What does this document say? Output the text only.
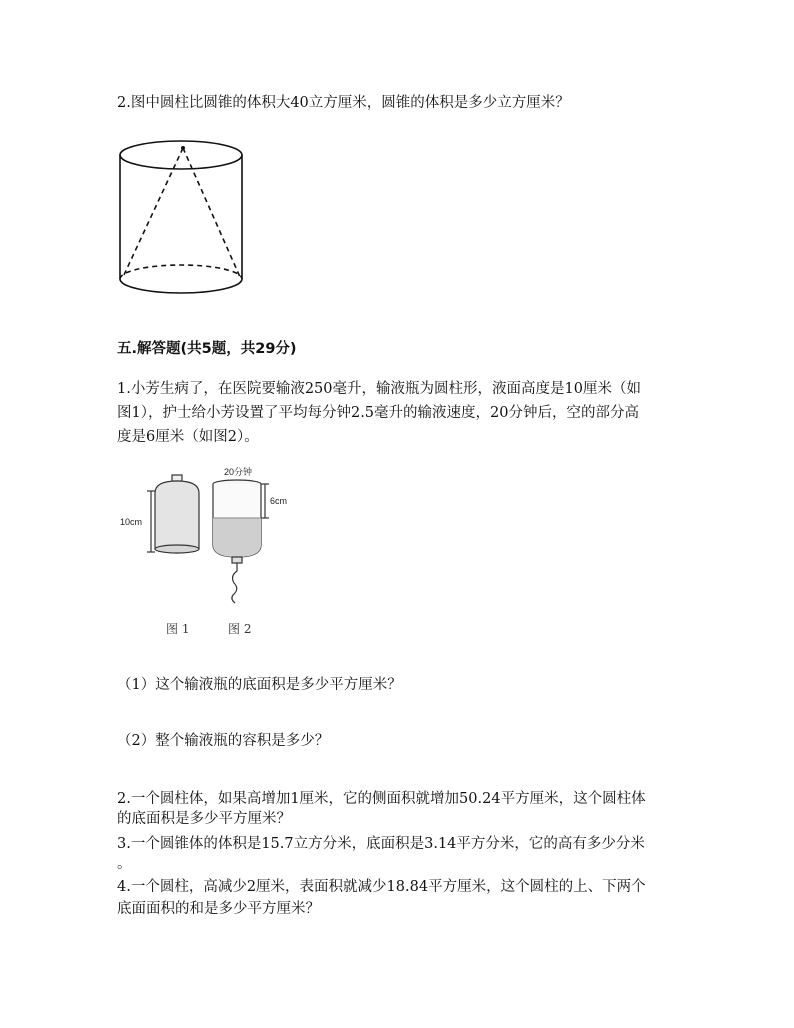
2.图中圆柱比圆锥的体积大40立方厘米，圆锥的体积是多少立方厘米？
五.解答题(共5题，共29分)
1.小芳生病了，在医院要输液250毫升，输液瓶为圆柱形，液面高度是10厘米（如
图1），护士给小芳设置了平均每分钟2.5毫升的输液速度，20分钟后，空的部分高
度是6厘米（如图2）。
10cm
20分钟
6cm
图 1	图 2
（1）这个输液瓶的底面积是多少平方厘米？
（2）整个输液瓶的容积是多少？
2.一个圆柱体，如果高增加1厘米，它的侧面积就增加50.24平方厘米，这个圆柱体
的底面积是多少平方厘米？
3.一个圆锥体的体积是15.7立方分米，底面积是3.14平方分米，它的高有多少分米
。
4.一个圆柱，高减少2厘米，表面积就减少18.84平方厘米，这个圆柱的上、下两个
底面面积的和是多少平方厘米？
